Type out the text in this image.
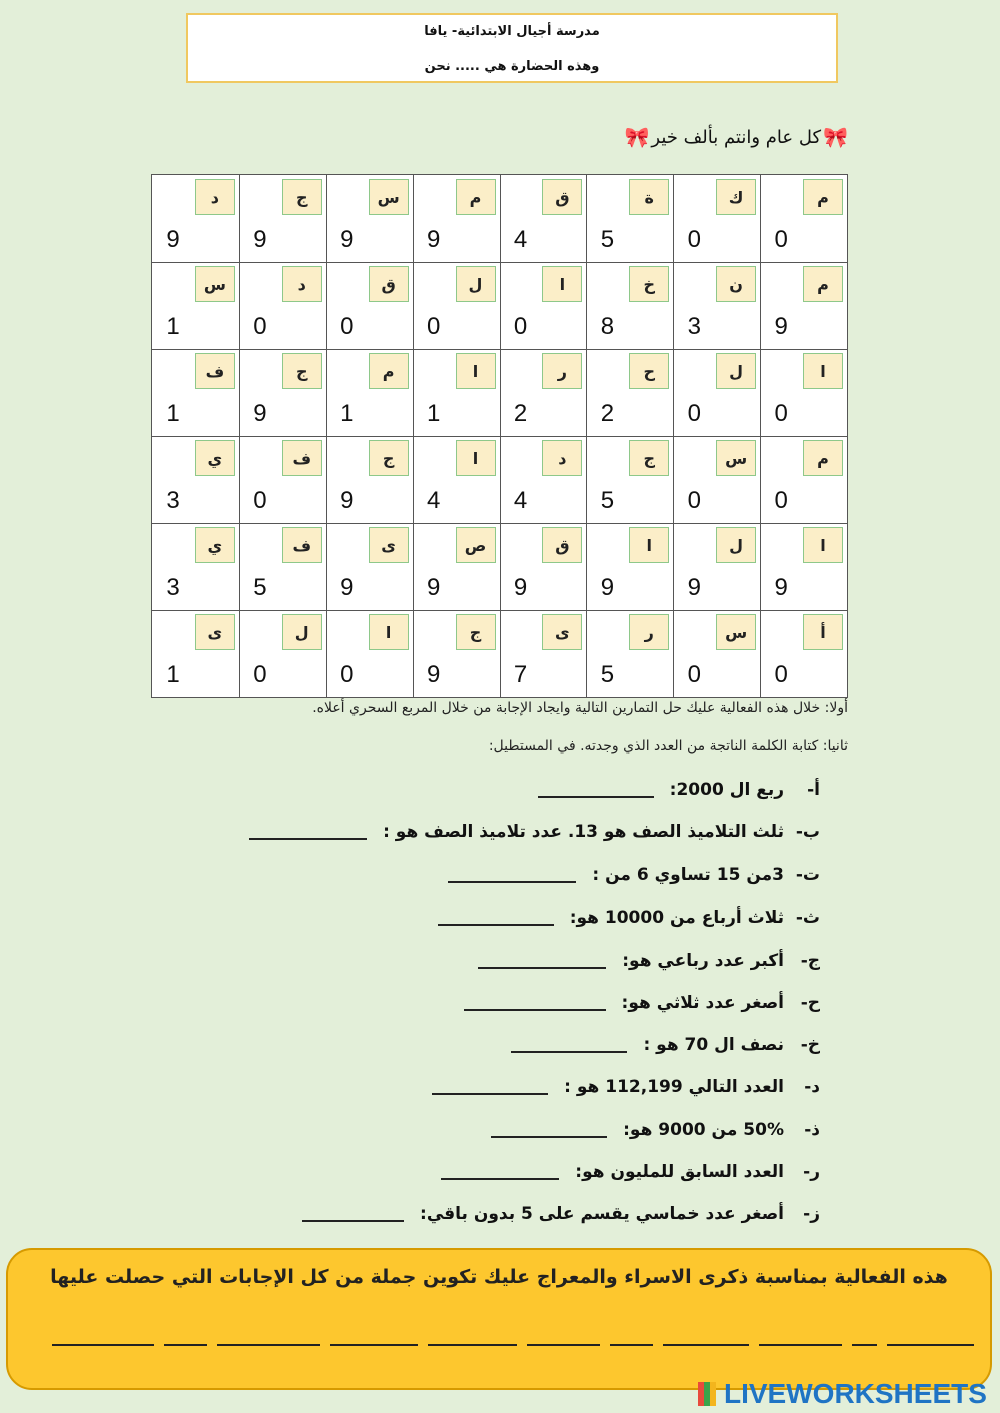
مدرسة أجيال الابتدائية- يافا
وهذه الحضارة هي ..... نحن
🎀
كل عام وانتم بألف خير
🎀
م
0
ك
0
ة
5
ق
4
م
9
س
9
ج
9
د
9
م
9
ن
3
خ
8
ا
0
ل
0
ق
0
د
0
س
1
ا
0
ل
0
ح
2
ر
2
ا
1
م
1
ج
9
ف
1
م
0
س
0
ج
5
د
4
ا
4
ج
9
ف
0
ي
3
ا
9
ل
9
ا
9
ق
9
ص
9
ى
9
ف
5
ي
3
أ
0
س
0
ر
5
ى
7
ج
9
ا
0
ل
0
ى
1
أولا: خلال هذه الفعالية عليك حل التمارين التالية وايجاد الإجابة من خلال المربع السحري أعلاه.
ثانيا: كتابة الكلمة الناتجة من العدد الذي وجدته. في المستطيل:
أ-
ربع ال 2000:
ب-
ثلث التلاميذ الصف هو 13. عدد تلاميذ الصف هو :
ت-
3من 15 تساوي 6 من :
ث-
ثلاث أرباع من 10000 هو:
ج-
أكبر عدد رباعي هو:
ح-
أصغر عدد ثلاثي هو:
خ-
نصف ال 70 هو :
د-
العدد التالي 112,199 هو :
ذ-
50% من 9000 هو:
ر-
العدد السابق للمليون هو:
ز-
أصغر عدد خماسي يقسم على 5 بدون باقي:
هذه الفعالية بمناسبة ذكرى الاسراء والمعراج عليك تكوين جملة من كل الإجابات التي حصلت عليها
LIVEWORKSHEETS
